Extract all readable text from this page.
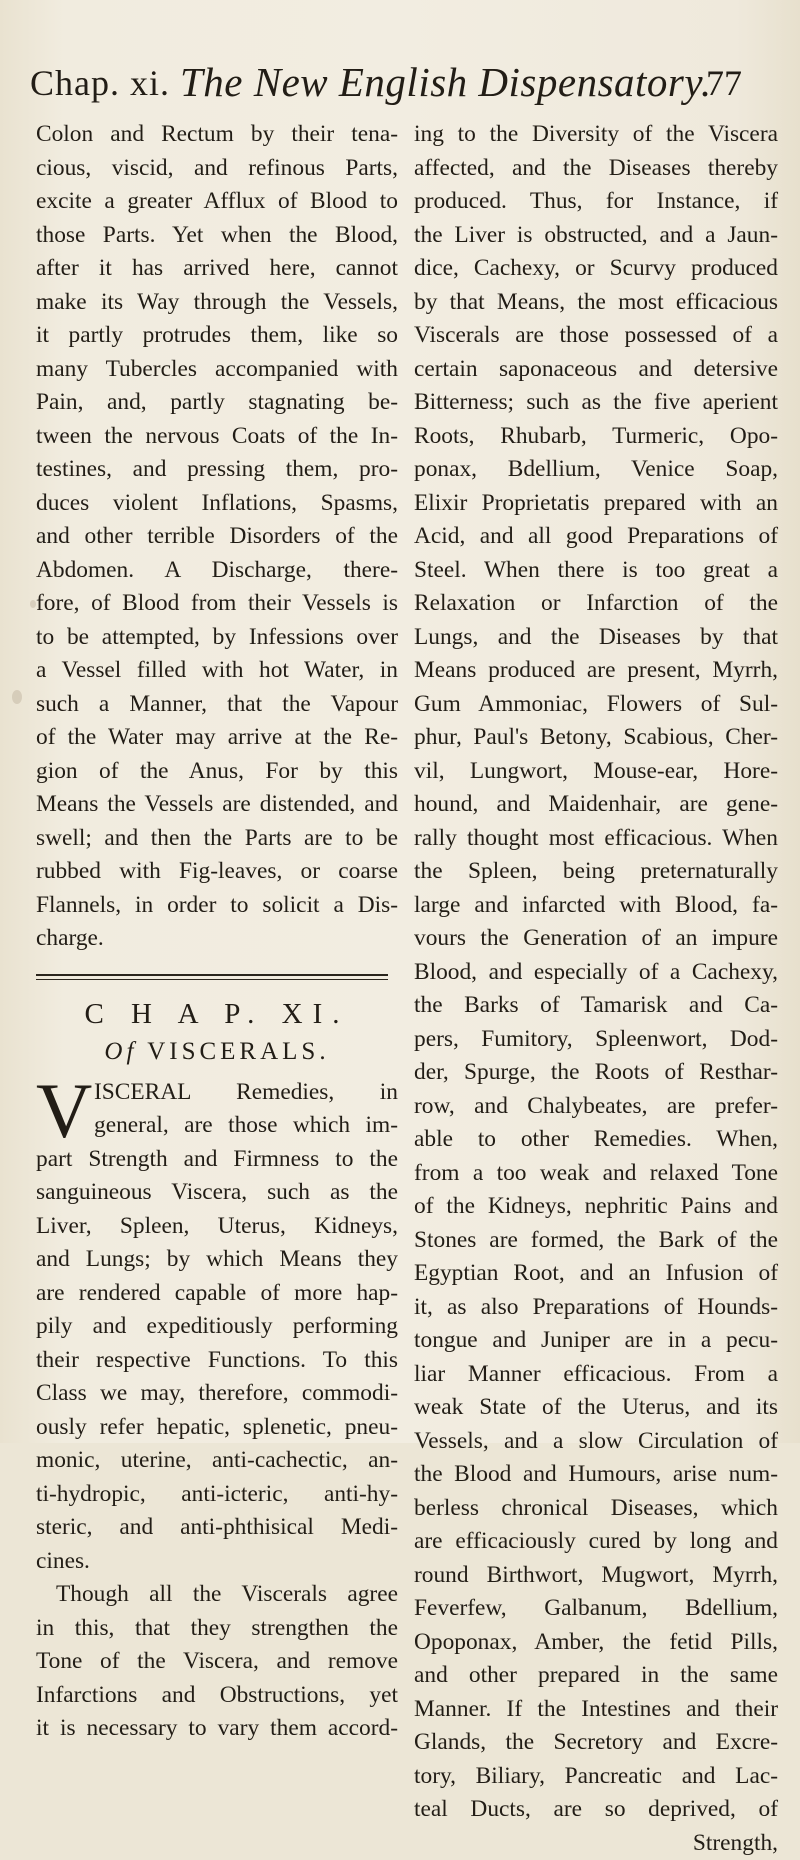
Chap. xi. The New English Dispensatory.
77
Colon and Rectum by their tena-
cious, viscid, and refinous Parts,
excite a greater Afflux of Blood to
those Parts. Yet when the Blood,
after it has arrived here, cannot
make its Way through the Vessels,
it partly protrudes them, like so
many Tubercles accompanied with
Pain, and, partly stagnating be-
tween the nervous Coats of the In-
testines, and pressing them, pro-
duces violent Inflations, Spasms,
and other terrible Disorders of the
Abdomen. A Discharge, there-
fore, of Blood from their Vessels is
to be attempted, by Infessions over
a Vessel filled with hot Water, in
such a Manner, that the Vapour
of the Water may arrive at the Re-
gion of the Anus, For by this
Means the Vessels are distended, and
swell; and then the Parts are to be
rubbed with Fig-leaves, or coarse
Flannels, in order to solicit a Dis-
charge.
C H A P. XI.
Of VISCERALS.
V ISCERAL Remedies, in
general, are those which im-
part Strength and Firmness to the
sanguineous Viscera, such as the
Liver, Spleen, Uterus, Kidneys,
and Lungs; by which Means they
are rendered capable of more hap-
pily and expeditiously performing
their respective Functions. To this
Class we may, therefore, commodi-
ously refer hepatic, splenetic, pneu-
monic, uterine, anti-cachectic, an-
ti-hydropic, anti-icteric, anti-hy-
steric, and anti-phthisical Medi-
cines.
Though all the Viscerals agree
in this, that they strengthen the
Tone of the Viscera, and remove
Infarctions and Obstructions, yet
it is necessary to vary them accord-
ing to the Diversity of the Viscera
affected, and the Diseases thereby
produced. Thus, for Instance, if
the Liver is obstructed, and a Jaun-
dice, Cachexy, or Scurvy produced
by that Means, the most efficacious
Viscerals are those possessed of a
certain saponaceous and detersive
Bitterness; such as the five aperient
Roots, Rhubarb, Turmeric, Opo-
ponax, Bdellium, Venice Soap,
Elixir Proprietatis prepared with an
Acid, and all good Preparations of
Steel. When there is too great a
Relaxation or Infarction of the
Lungs, and the Diseases by that
Means produced are present, Myrrh,
Gum Ammoniac, Flowers of Sul-
phur, Paul's Betony, Scabious, Cher-
vil, Lungwort, Mouse-ear, Hore-
hound, and Maidenhair, are gene-
rally thought most efficacious. When
the Spleen, being preternaturally
large and infarcted with Blood, fa-
vours the Generation of an impure
Blood, and especially of a Cachexy,
the Barks of Tamarisk and Ca-
pers, Fumitory, Spleenwort, Dod-
der, Spurge, the Roots of Resthar-
row, and Chalybeates, are prefer-
able to other Remedies. When,
from a too weak and relaxed Tone
of the Kidneys, nephritic Pains and
Stones are formed, the Bark of the
Egyptian Root, and an Infusion of
it, as also Preparations of Hounds-
tongue and Juniper are in a pecu-
liar Manner efficacious. From a
weak State of the Uterus, and its
Vessels, and a slow Circulation of
the Blood and Humours, arise num-
berless chronical Diseases, which
are efficaciously cured by long and
round Birthwort, Mugwort, Myrrh,
Feverfew, Galbanum, Bdellium,
Opoponax, Amber, the fetid Pills,
and other prepared in the same
Manner. If the Intestines and their
Glands, the Secretory and Excre-
tory, Biliary, Pancreatic and Lac-
teal Ducts, are so deprived, of
Strength,
